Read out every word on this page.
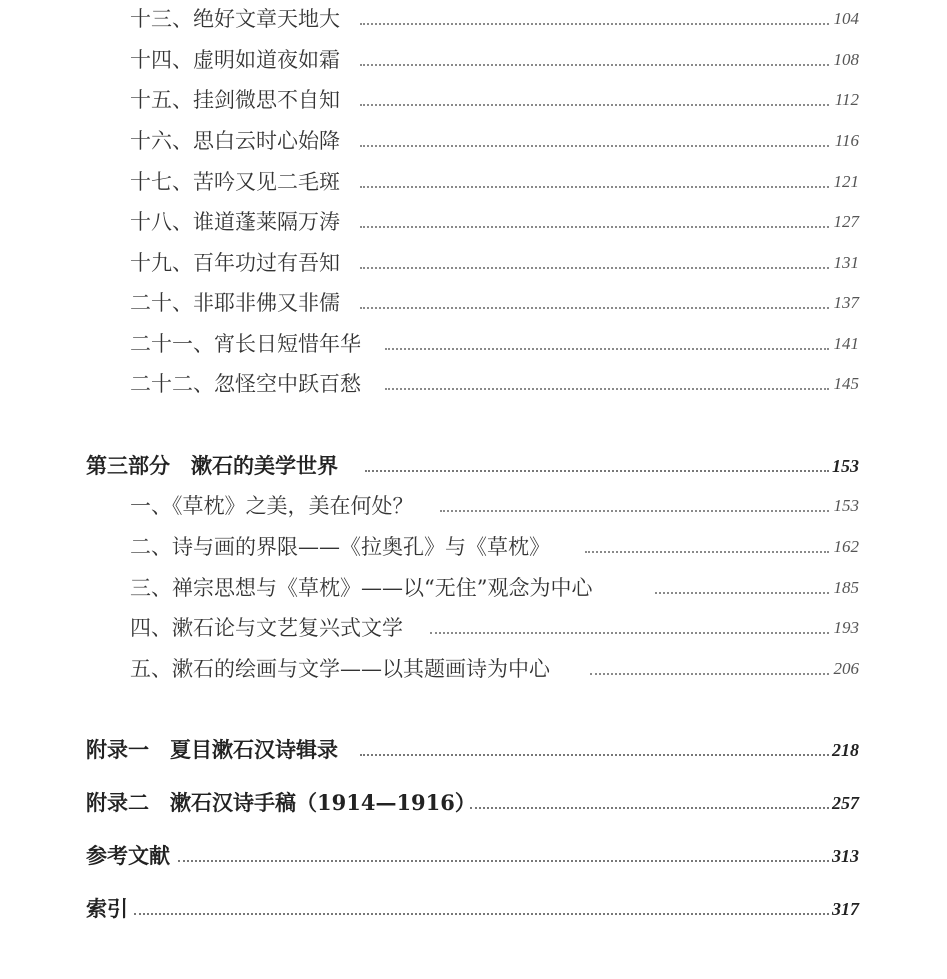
十三、绝好文章天地大	104
十四、虚明如道夜如霜	108
十五、挂剑微思不自知	112
十六、思白云时心始降	116
十七、苦吟又见二毛斑	121
十八、谁道蓬莱隔万涛	127
十九、百年功过有吾知	131
二十、非耶非佛又非儒	137
二十一、宵长日短惜年华	141
二十二、忽怪空中跃百愁	145
第三部分　漱石的美学世界	153
一、《草枕》之美，美在何处？	153
二、诗与画的界限——《拉奥孔》与《草枕》	162
三、禅宗思想与《草枕》——以“无住”观念为中心	185
四、漱石论与文艺复兴式文学	193
五、漱石的绘画与文学——以其题画诗为中心	206
附录一　夏目漱石汉诗辑录	218
附录二　漱石汉诗手稿（1914—1916）	257
参考文献	313
索引	317
